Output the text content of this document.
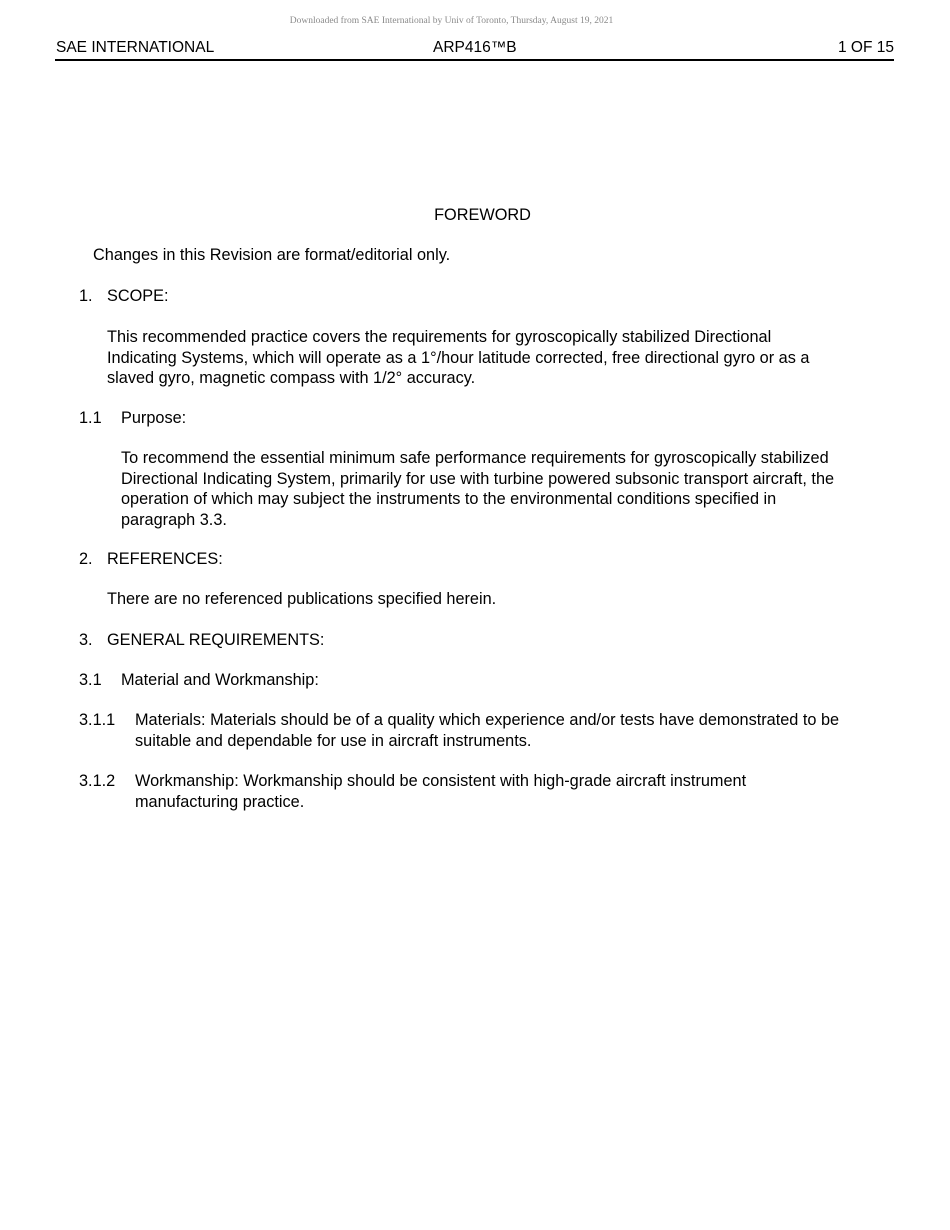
Downloaded from SAE International by Univ of Toronto, Thursday, August 19, 2021
SAE INTERNATIONAL	ARP416™B	1 OF 15
FOREWORD
Changes in this Revision are format/editorial only.
1. SCOPE:
This recommended practice covers the requirements for gyroscopically stabilized Directional
Indicating Systems, which will operate as a 1°/hour latitude corrected, free directional gyro or as a
slaved gyro, magnetic compass with 1/2° accuracy.
1.1 Purpose:
To recommend the essential minimum safe performance requirements for gyroscopically stabilized
Directional Indicating System, primarily for use with turbine powered subsonic transport aircraft, the
operation of which may subject the instruments to the environmental conditions specified in
paragraph 3.3.
2. REFERENCES:
There are no referenced publications specified herein.
3. GENERAL REQUIREMENTS:
3.1 Material and Workmanship:
3.1.1 Materials: Materials should be of a quality which experience and/or tests have demonstrated to be
suitable and dependable for use in aircraft instruments.
3.1.2 Workmanship: Workmanship should be consistent with high-grade aircraft instrument
manufacturing practice.
